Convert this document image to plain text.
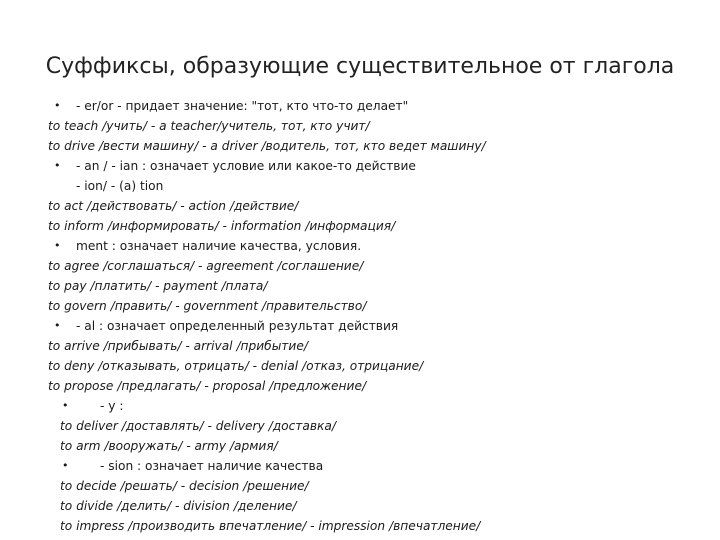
Суффиксы, образующие существительное от глагола
• - er/or - придает значение: "тот, кто что-то делает"
to teach /учить/ - a teacher/учитель, тот, кто учит/
to drive /вести машину/ - a driver /водитель, тот, кто ведет машину/
• - an / - ian : означает условие или какое-то действие
- ion/ - (a) tion
to act /действовать/ - action /действие/
to inform /информировать/ - information /информация/
• ment : означает наличие качества, условия.
to agree /соглашаться/ - agreement /соглашение/
to pay /платить/ - payment /плата/
to govern /править/ - government /правительство/
• - al : означает определенный результат действия
to arrive /прибывать/ - arrival /прибытие/
to deny /отказывать, отрицать/ - denial /отказ, отрицание/
to propose /предлагать/ - proposal /предложение/
•	- y :
to deliver /доставлять/ - delivery /доставка/
to arm /вооружать/ - army /армия/
•	- sion : означает наличие качества
to decide /решать/ - decision /решение/
to divide /делить/ - division /деление/
to impress /производить впечатление/ - impression /впечатление/
